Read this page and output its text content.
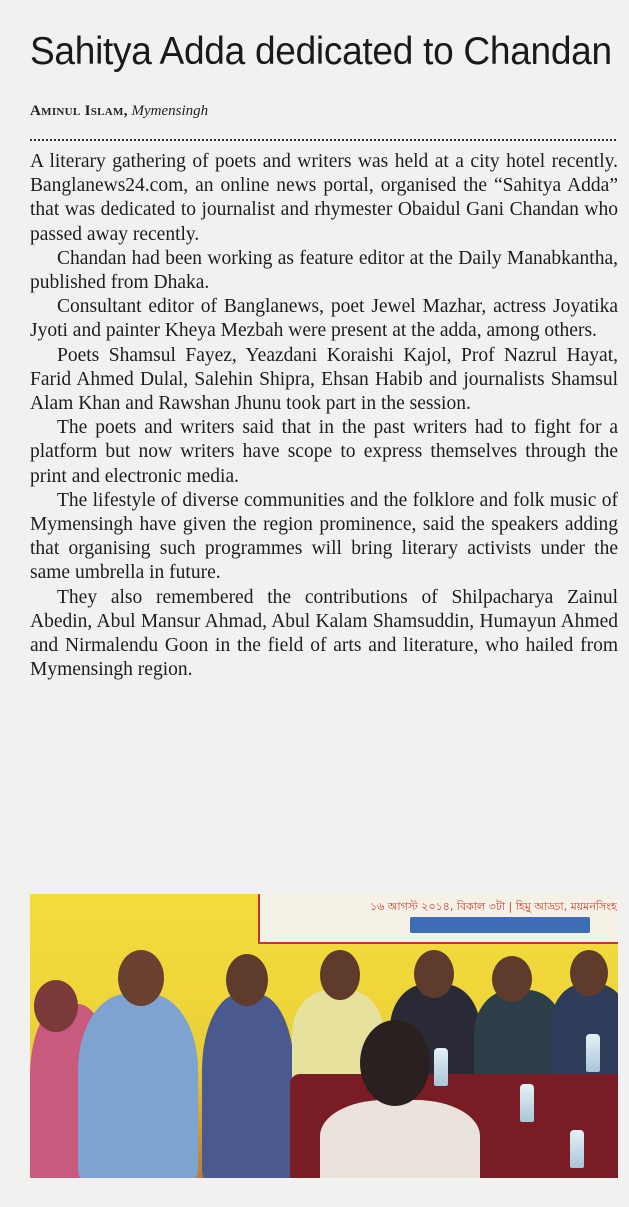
Sahitya Adda dedicated to Chandan
Aminul Islam, Mymensingh

A literary gathering of poets and writers was held at a city hotel recently. Banglanews24.com, an online news portal, organised the “Sahitya Adda” that was dedicated to journalist and rhymester Obaidul Gani Chandan who passed away recently.

Chandan had been working as feature editor at the Daily Manabkantha, published from Dhaka.

Consultant editor of Banglanews, poet Jewel Mazhar, actress Joyatika Jyoti and painter Kheya Mezbah were present at the adda, among others.

Poets Shamsul Fayez, Yeazdani Koraishi Kajol, Prof Nazrul Hayat, Farid Ahmed Dulal, Salehin Shipra, Ehsan Habib and journalists Shamsul Alam Khan and Rawshan Jhunu took part in the session.

The poets and writers said that in the past writers had to fight for a platform but now writers have scope to express themselves through the print and electronic media.

The lifestyle of diverse communities and the folklore and folk music of Mymensingh have given the region prominence, said the speakers adding that organising such programmes will bring literary activists under the same umbrella in future.

They also remembered the contributions of Shilpacharya Zainul Abedin, Abul Mansur Ahmad, Abul Kalam Shamsuddin, Humayun Ahmed and Nirmalendu Goon in the field of arts and literature, who hailed from Mymensingh region.

১৬ আগস্ট ২০১৪, বিকাল ৩টা | হিমু আড্ডা, ময়মনসিংহ
